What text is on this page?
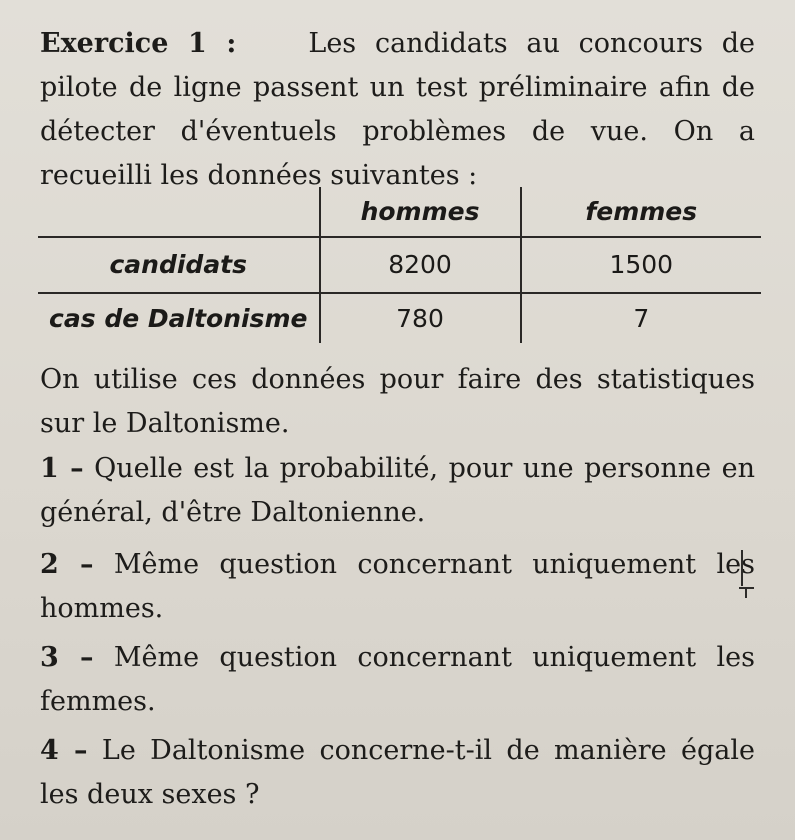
Exercice 1 :	Les candidats au concours de pilote de ligne passent un test préliminaire afin de détecter d'éventuels problèmes de vue. On a recueilli les données suivantes :
	hommes	femmes
candidats	8200	1500
cas de Daltonisme	780	7
On utilise ces données pour faire des statistiques sur le Daltonisme.
1 – Quelle est la probabilité, pour une personne en général, d'être Daltonienne.
2 – Même question concernant uniquement les hommes.
3 – Même question concernant uniquement les femmes.
4 – Le Daltonisme concerne-t-il de manière égale les deux sexes ?
